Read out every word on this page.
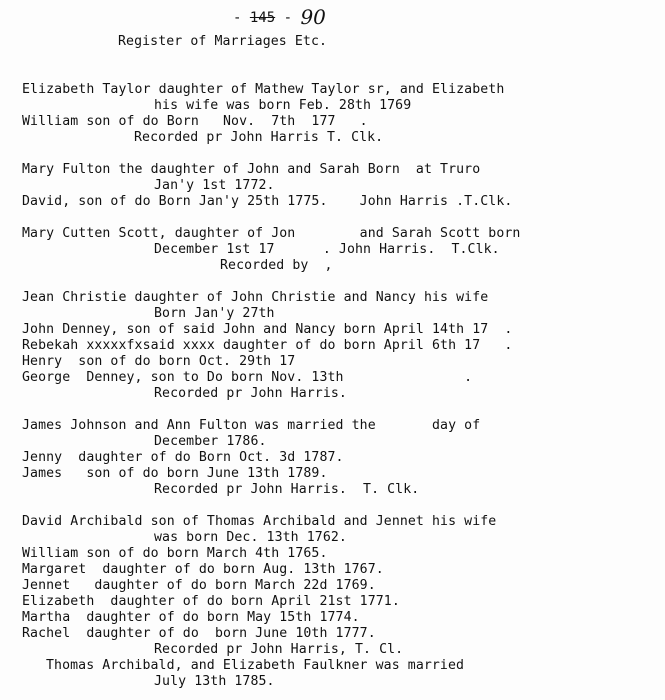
- 145 - 90
Register of Marriages Etc.
Elizabeth Taylor daughter of Mathew Taylor sr, and Elizabeth
his wife was born Feb. 28th 1769
William son of do Born   Nov.  7th  177   .
Recorded pr John Harris T. Clk.
Mary Fulton the daughter of John and Sarah Born  at Truro
Jan'y 1st 1772.
David, son of do Born Jan'y 25th 1775.    John Harris .T.Clk.
Mary Cutten Scott, daughter of Jon        and Sarah Scott born
December 1st 17      . John Harris.  T.Clk.
Recorded by  ,
Jean Christie daughter of John Christie and Nancy his wife
Born Jan'y 27th
John Denney, son of said John and Nancy born April 14th 17  .
Rebekah xxxxxfxsaid xxxx daughter of do born April 6th 17   .
Henry  son of do born Oct. 29th 17
George  Denney, son to Do born Nov. 13th               .
Recorded pr John Harris.
James Johnson and Ann Fulton was married the       day of
December 1786.
Jenny  daughter of do Born Oct. 3d 1787.
James   son of do born June 13th 1789.
Recorded pr John Harris.  T. Clk.
David Archibald son of Thomas Archibald and Jennet his wife
was born Dec. 13th 1762.
William son of do born March 4th 1765.
Margaret  daughter of do born Aug. 13th 1767.
Jennet   daughter of do born March 22d 1769.
Elizabeth  daughter of do born April 21st 1771.
Martha  daughter of do born May 15th 1774.
Rachel  daughter of do  born June 10th 1777.
Recorded pr John Harris, T. Cl.
Thomas Archibald, and Elizabeth Faulkner was married
July 13th 1785.
